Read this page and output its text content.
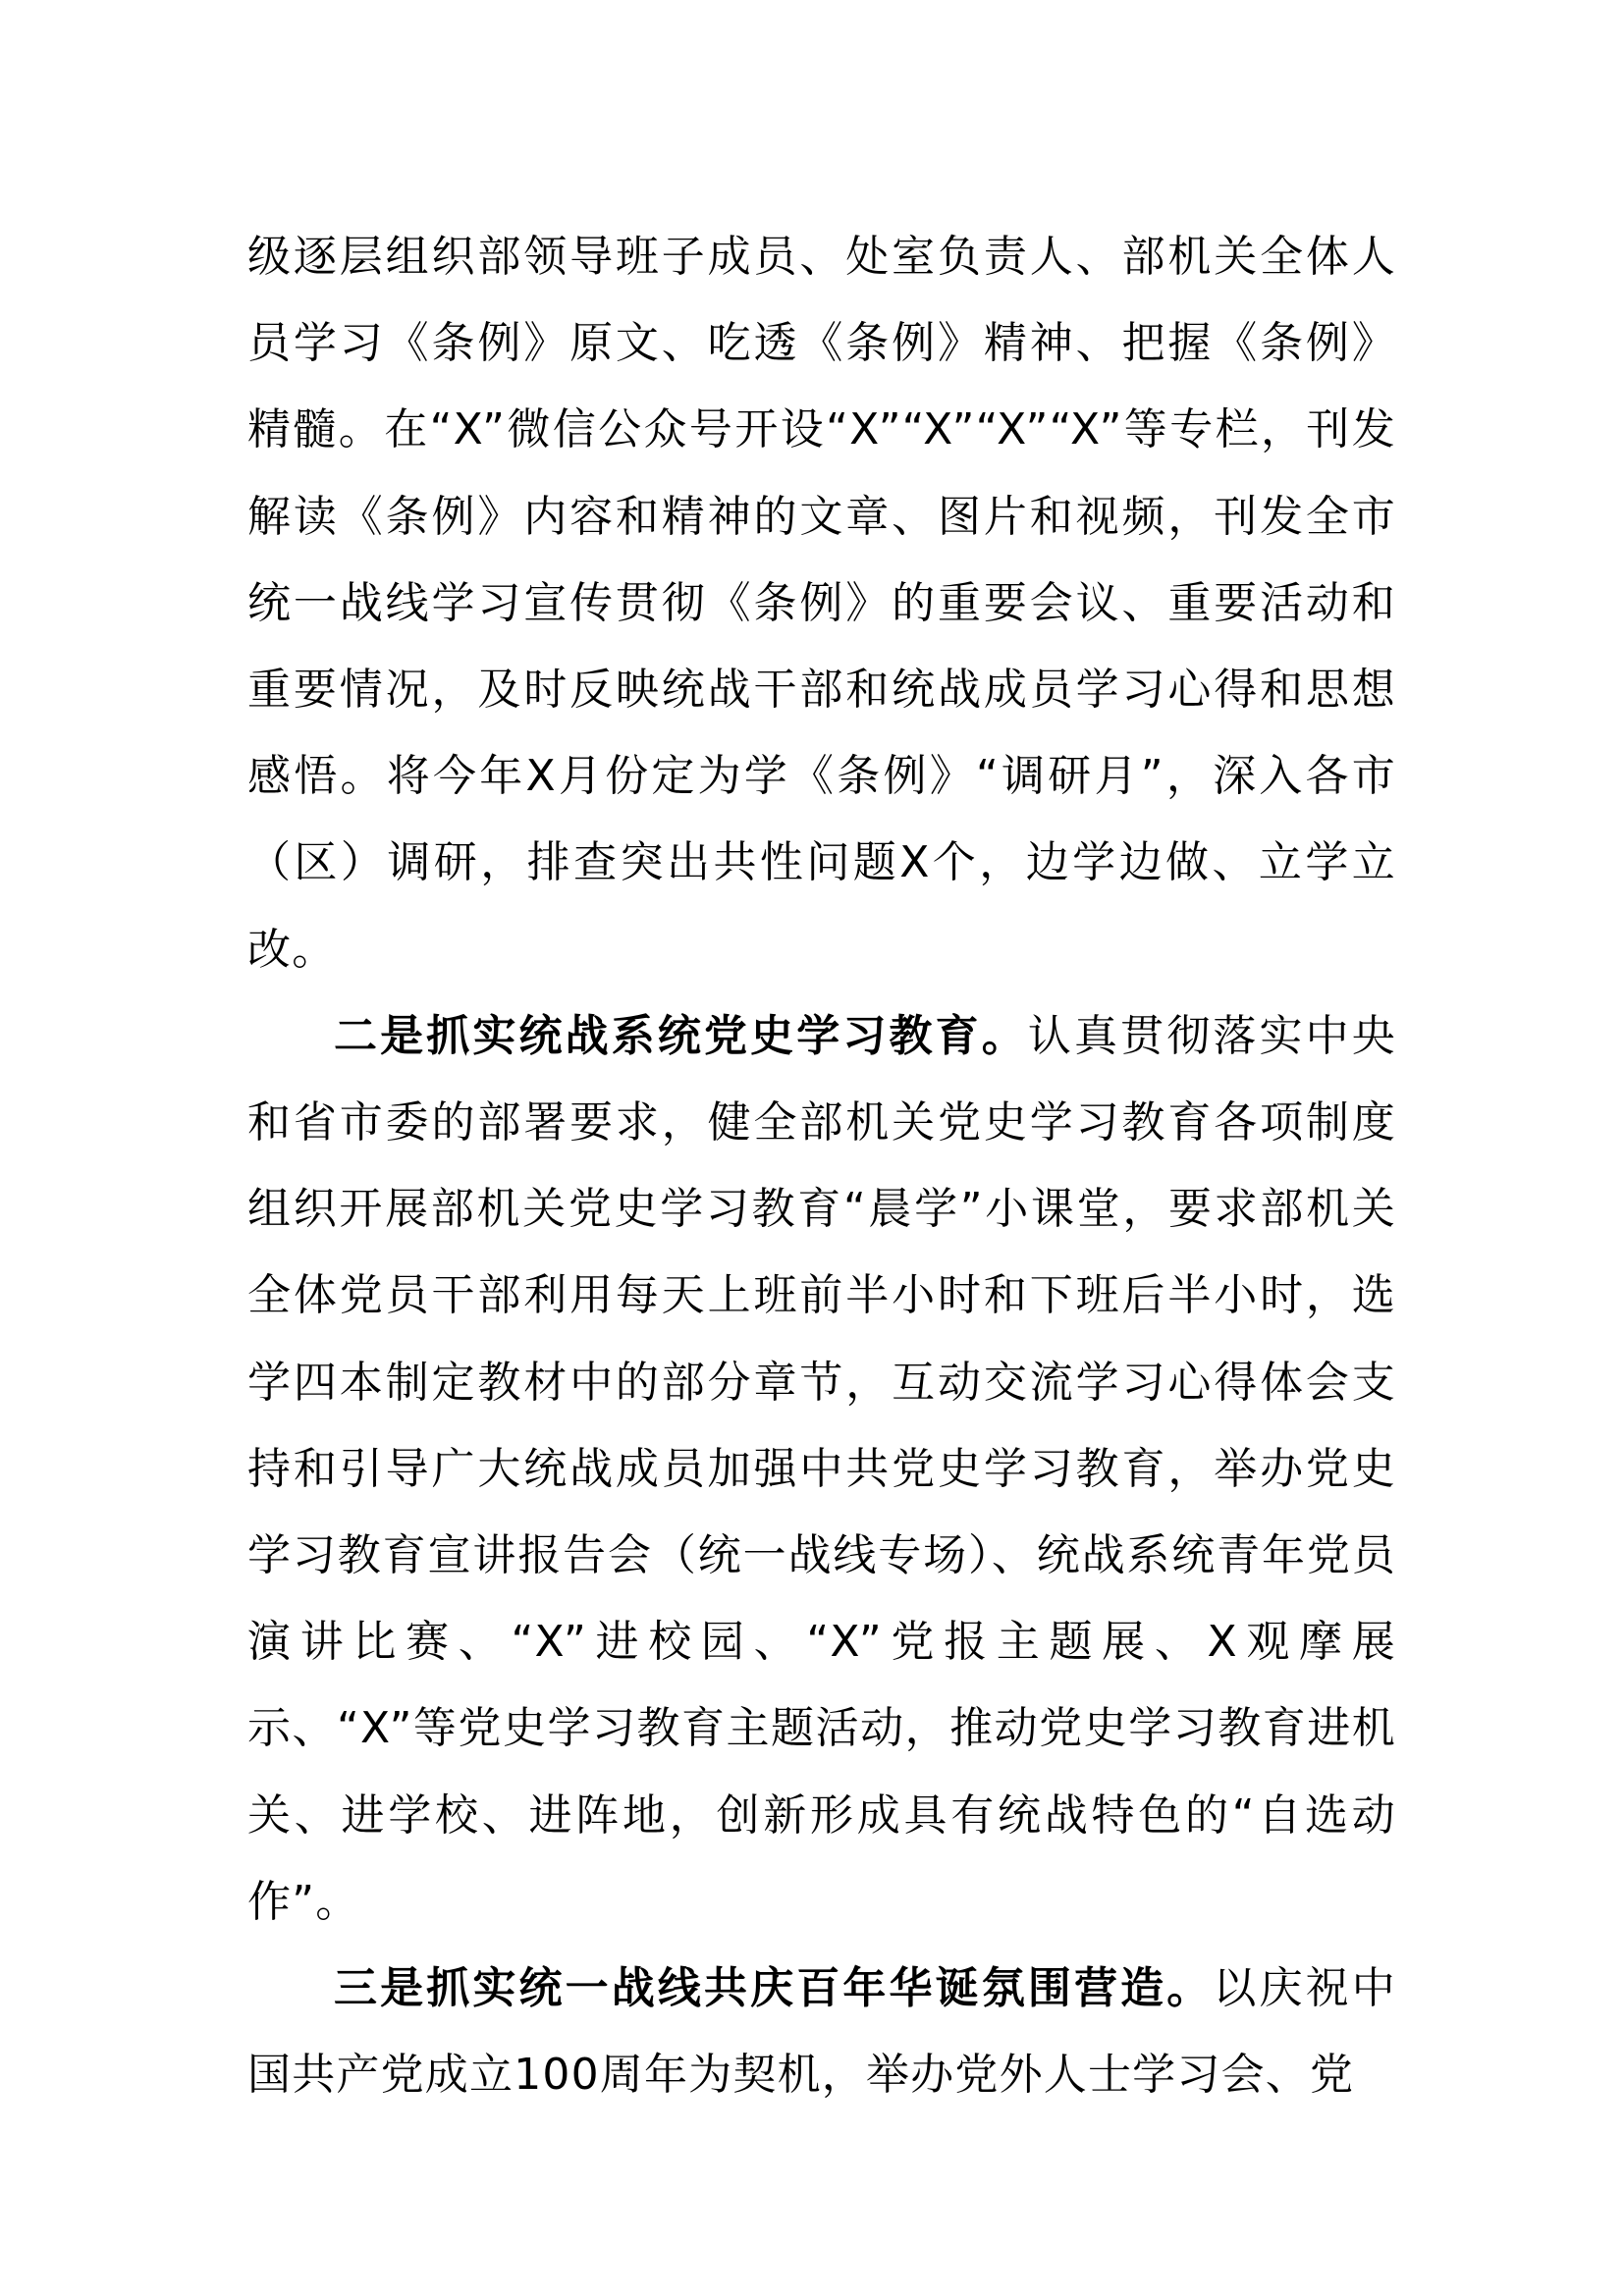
级逐层组织部领导班子成员、处室负责人、部机关全体人员学习《条例》原文、吃透《条例》精神、把握《条例》精髓。在“X”微信公众号开设“X”“X”“X”“X”等专栏，刊发解读《条例》内容和精神的文章、图片和视频，刊发全市统一战线学习宣传贯彻《条例》的重要会议、重要活动和重要情况，及时反映统战干部和统战成员学习心得和思想感悟。将今年X月份定为学《条例》“调研月”，深入各市（区）调研，排查突出共性问题X个，边学边做、立学立改。

二是抓实统战系统党史学习教育。认真贯彻落实中央和省市委的部署要求，健全部机关党史学习教育各项制度组织开展部机关党史学习教育“晨学”小课堂，要求部机关全体党员干部利用每天上班前半小时和下班后半小时，选学四本制定教材中的部分章节，互动交流学习心得体会支持和引导广大统战成员加强中共党史学习教育，举办党史学习教育宣讲报告会（统一战线专场）、统战系统青年党员演讲比赛、“X”进校园、“X”党报主题展、X观摩展示、“X”等党史学习教育主题活动，推动党史学习教育进机关、进学校、进阵地，创新形成具有统战特色的“自选动作”。

三是抓实统一战线共庆百年华诞氛围营造。以庆祝中国共产党成立100周年为契机，举办党外人士学习会、党
